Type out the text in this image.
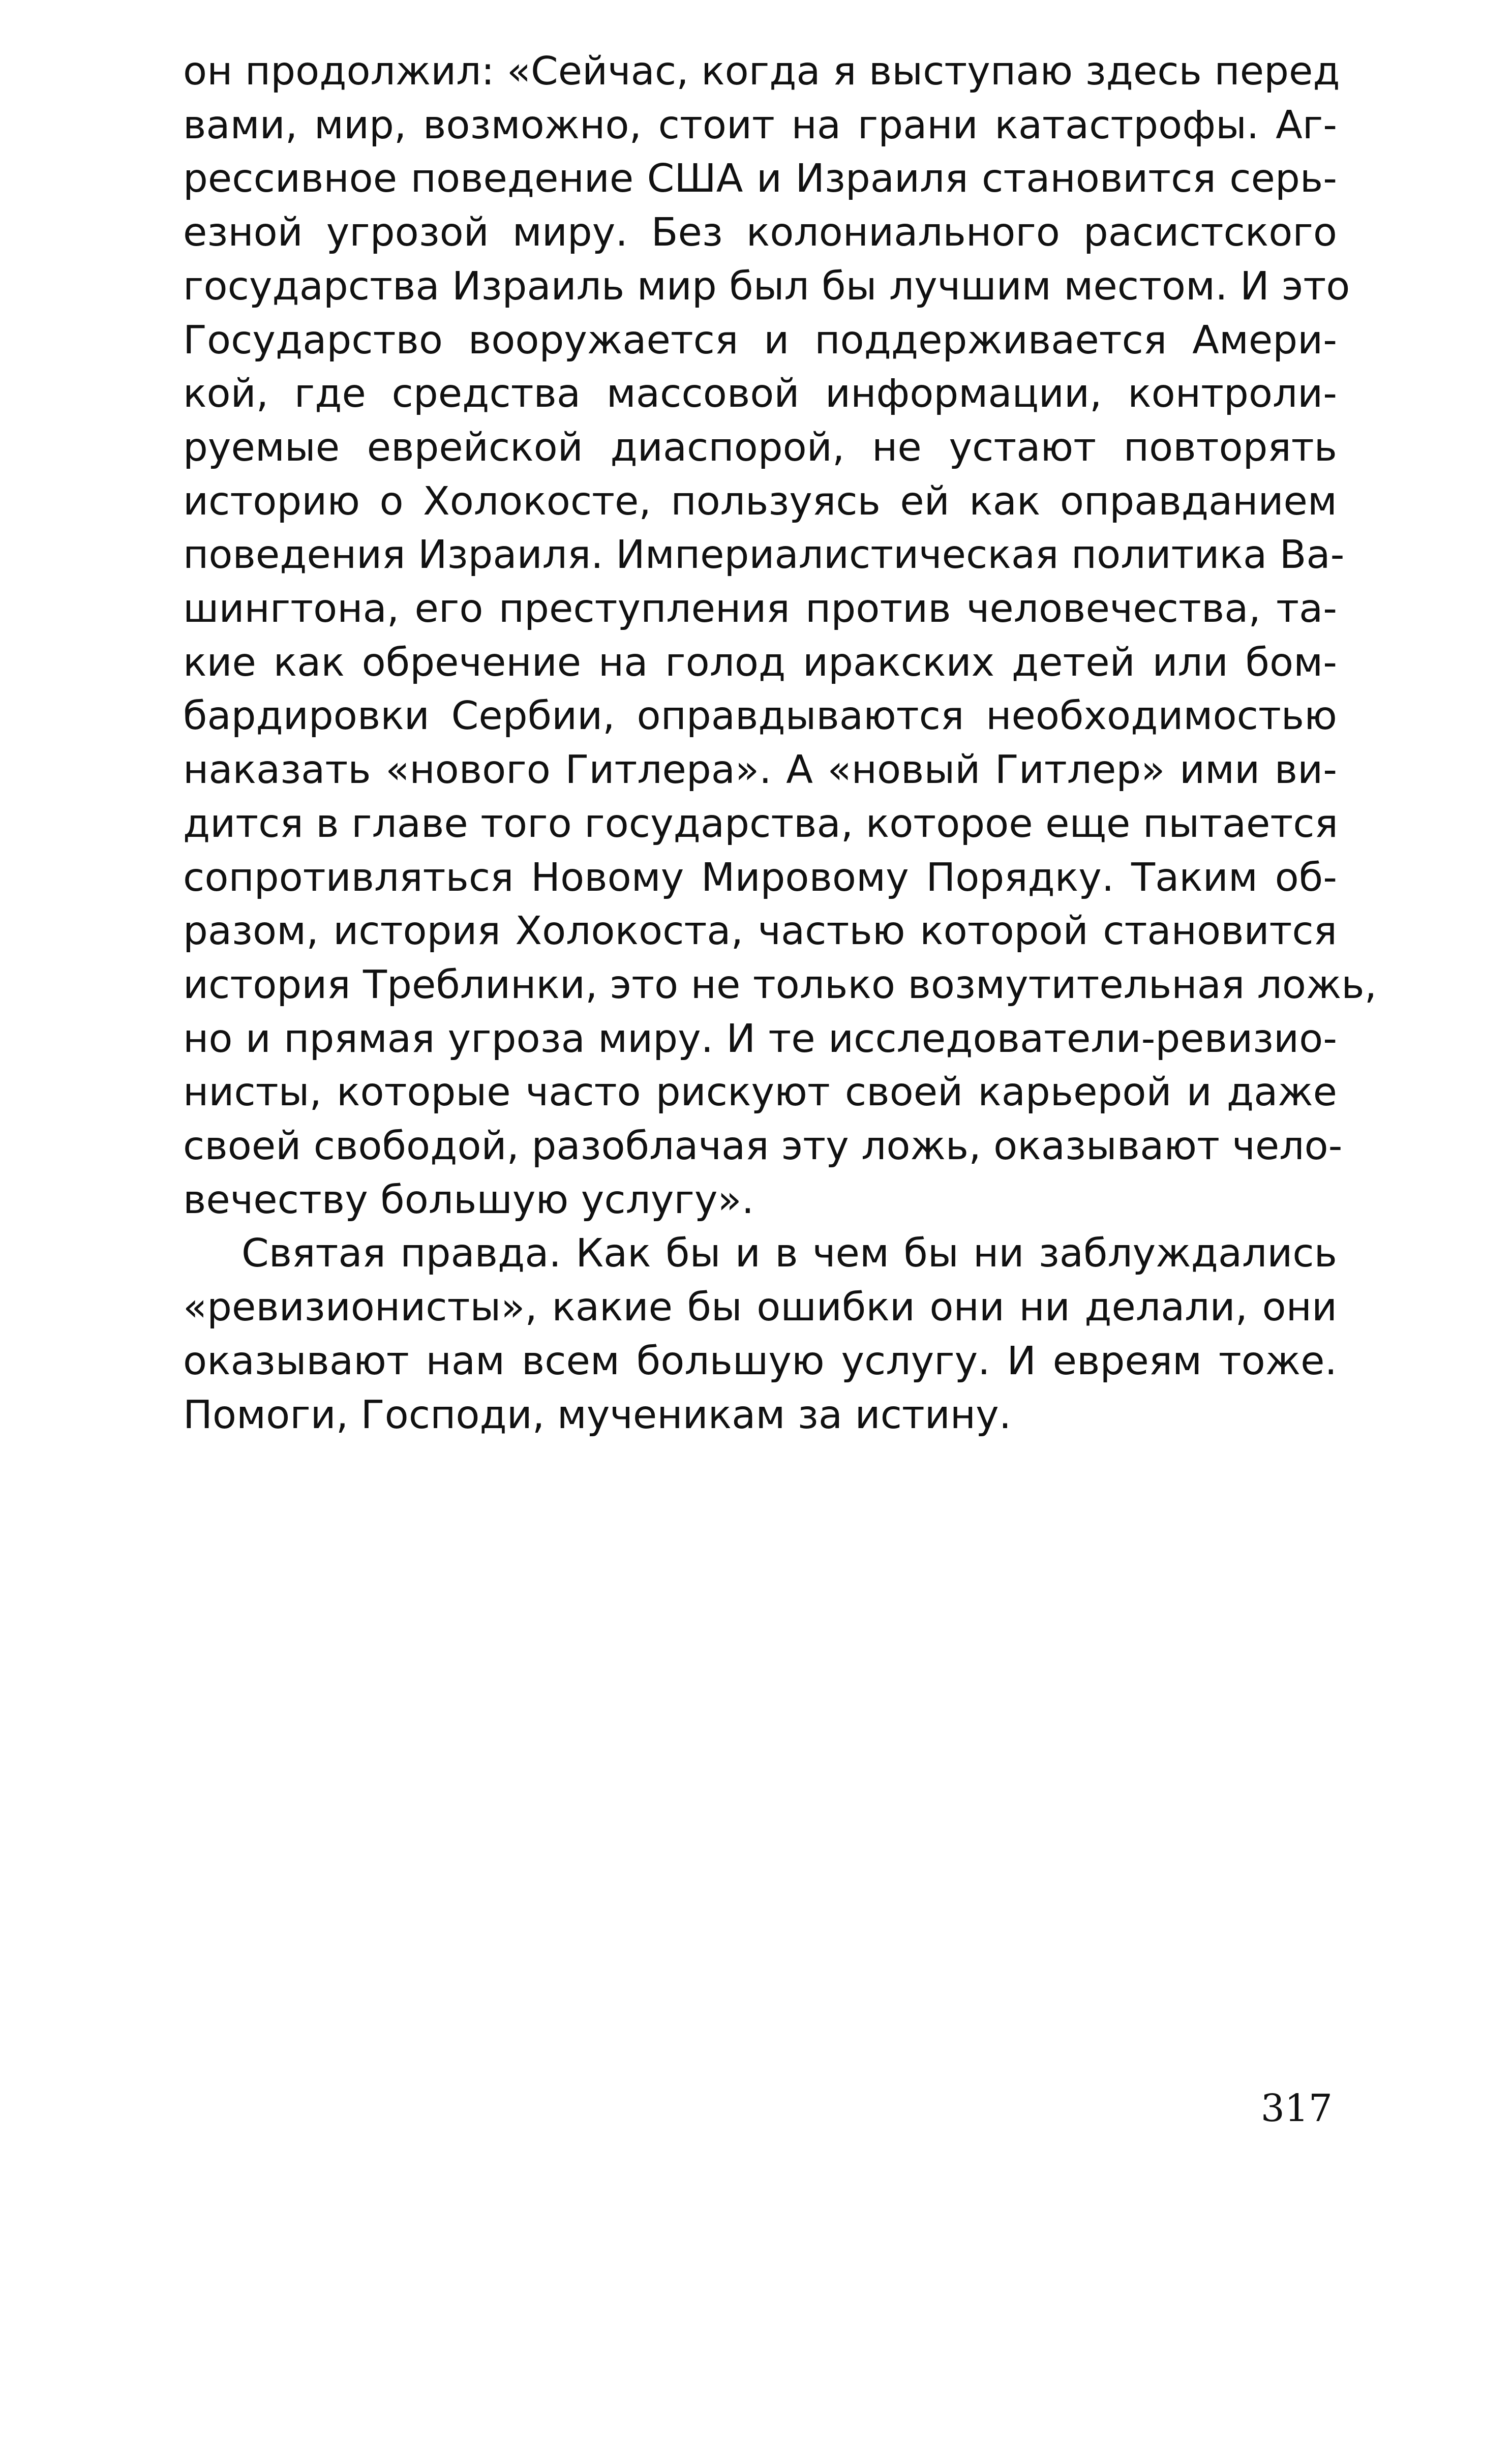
он продолжил: «Сейчас, когда я выступаю здесь перед
вами, мир, возможно, стоит на грани катастрофы. Аг-
рессивное поведение США и Израиля становится серь-
езной угрозой миру. Без колониального расистского
государства Израиль мир был бы лучшим местом. И это
Государство вооружается и поддерживается Амери-
кой, где средства массовой информации, контроли-
руемые еврейской диаспорой, не устают повторять
историю о Холокосте, пользуясь ей как оправданием
поведения Израиля. Империалистическая политика Ва-
шингтона, его преступления против человечества, та-
кие как обречение на голод иракских детей или бом-
бардировки Сербии, оправдываются необходимостью
наказать «нового Гитлера». А «новый Гитлер» ими ви-
дится в главе того государства, которое еще пытается
сопротивляться Новому Мировому Порядку. Таким об-
разом, история Холокоста, частью которой становится
история Треблинки, это не только возмутительная ложь,
но и прямая угроза миру. И те исследователи-ревизио-
нисты, которые часто рискуют своей карьерой и даже
своей свободой, разоблачая эту ложь, оказывают чело-
вечеству большую услугу».

Святая правда. Как бы и в чем бы ни заблуждались
«ревизионисты», какие бы ошибки они ни делали, они
оказывают нам всем большую услугу. И евреям тоже.
Помоги, Господи, мученикам за истину.

317
